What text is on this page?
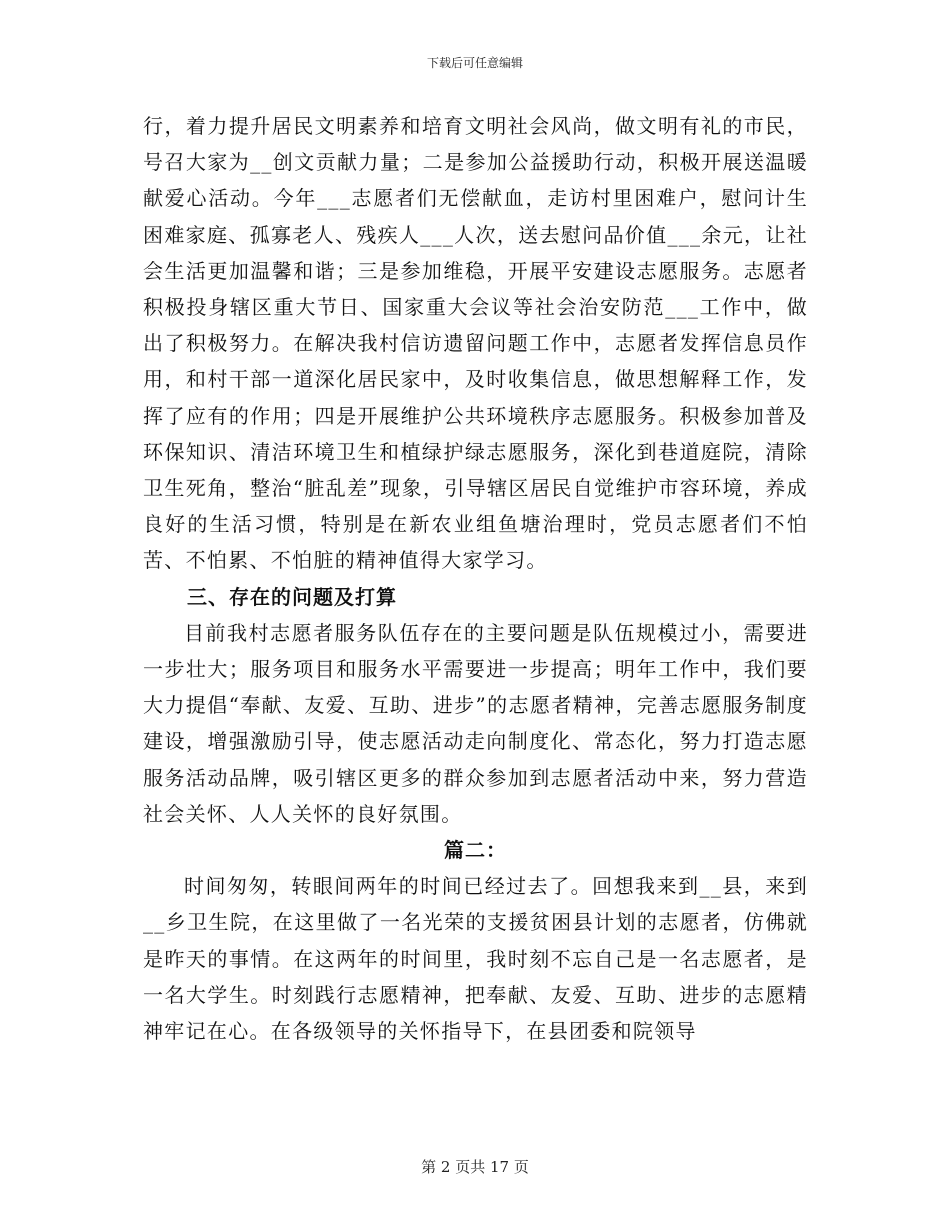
下载后可任意编辑

行，着力提升居民文明素养和培育文明社会风尚，做文明有礼的市民，号召大家为__创文贡献力量；二是参加公益援助行动，积极开展送温暖献爱心活动。今年___志愿者们无偿献血，走访村里困难户，慰问计生困难家庭、孤寡老人、残疾人___人次，送去慰问品价值___余元，让社会生活更加温馨和谐；三是参加维稳，开展平安建设志愿服务。志愿者积极投身辖区重大节日、国家重大会议等社会治安防范___工作中，做出了积极努力。在解决我村信访遗留问题工作中，志愿者发挥信息员作用，和村干部一道深化居民家中，及时收集信息，做思想解释工作，发挥了应有的作用；四是开展维护公共环境秩序志愿服务。积极参加普及环保知识、清洁环境卫生和植绿护绿志愿服务，深化到巷道庭院，清除卫生死角，整治“脏乱差”现象，引导辖区居民自觉维护市容环境，养成良好的生活习惯，特别是在新农业组鱼塘治理时，党员志愿者们不怕苦、不怕累、不怕脏的精神值得大家学习。

三、存在的问题及打算

目前我村志愿者服务队伍存在的主要问题是队伍规模过小，需要进一步壮大；服务项目和服务水平需要进一步提高；明年工作中，我们要大力提倡“奉献、友爱、互助、进步”的志愿者精神，完善志愿服务制度建设，增强激励引导，使志愿活动走向制度化、常态化，努力打造志愿服务活动品牌，吸引辖区更多的群众参加到志愿者活动中来，努力营造社会关怀、人人关怀的良好氛围。

篇二：

时间匆匆，转眼间两年的时间已经过去了。回想我来到__县，来到__乡卫生院，在这里做了一名光荣的支援贫困县计划的志愿者，仿佛就是昨天的事情。在这两年的时间里，我时刻不忘自己是一名志愿者，是一名大学生。时刻践行志愿精神，把奉献、友爱、互助、进步的志愿精神牢记在心。在各级领导的关怀指导下，在县团委和院领导

第 2 页共 17 页
